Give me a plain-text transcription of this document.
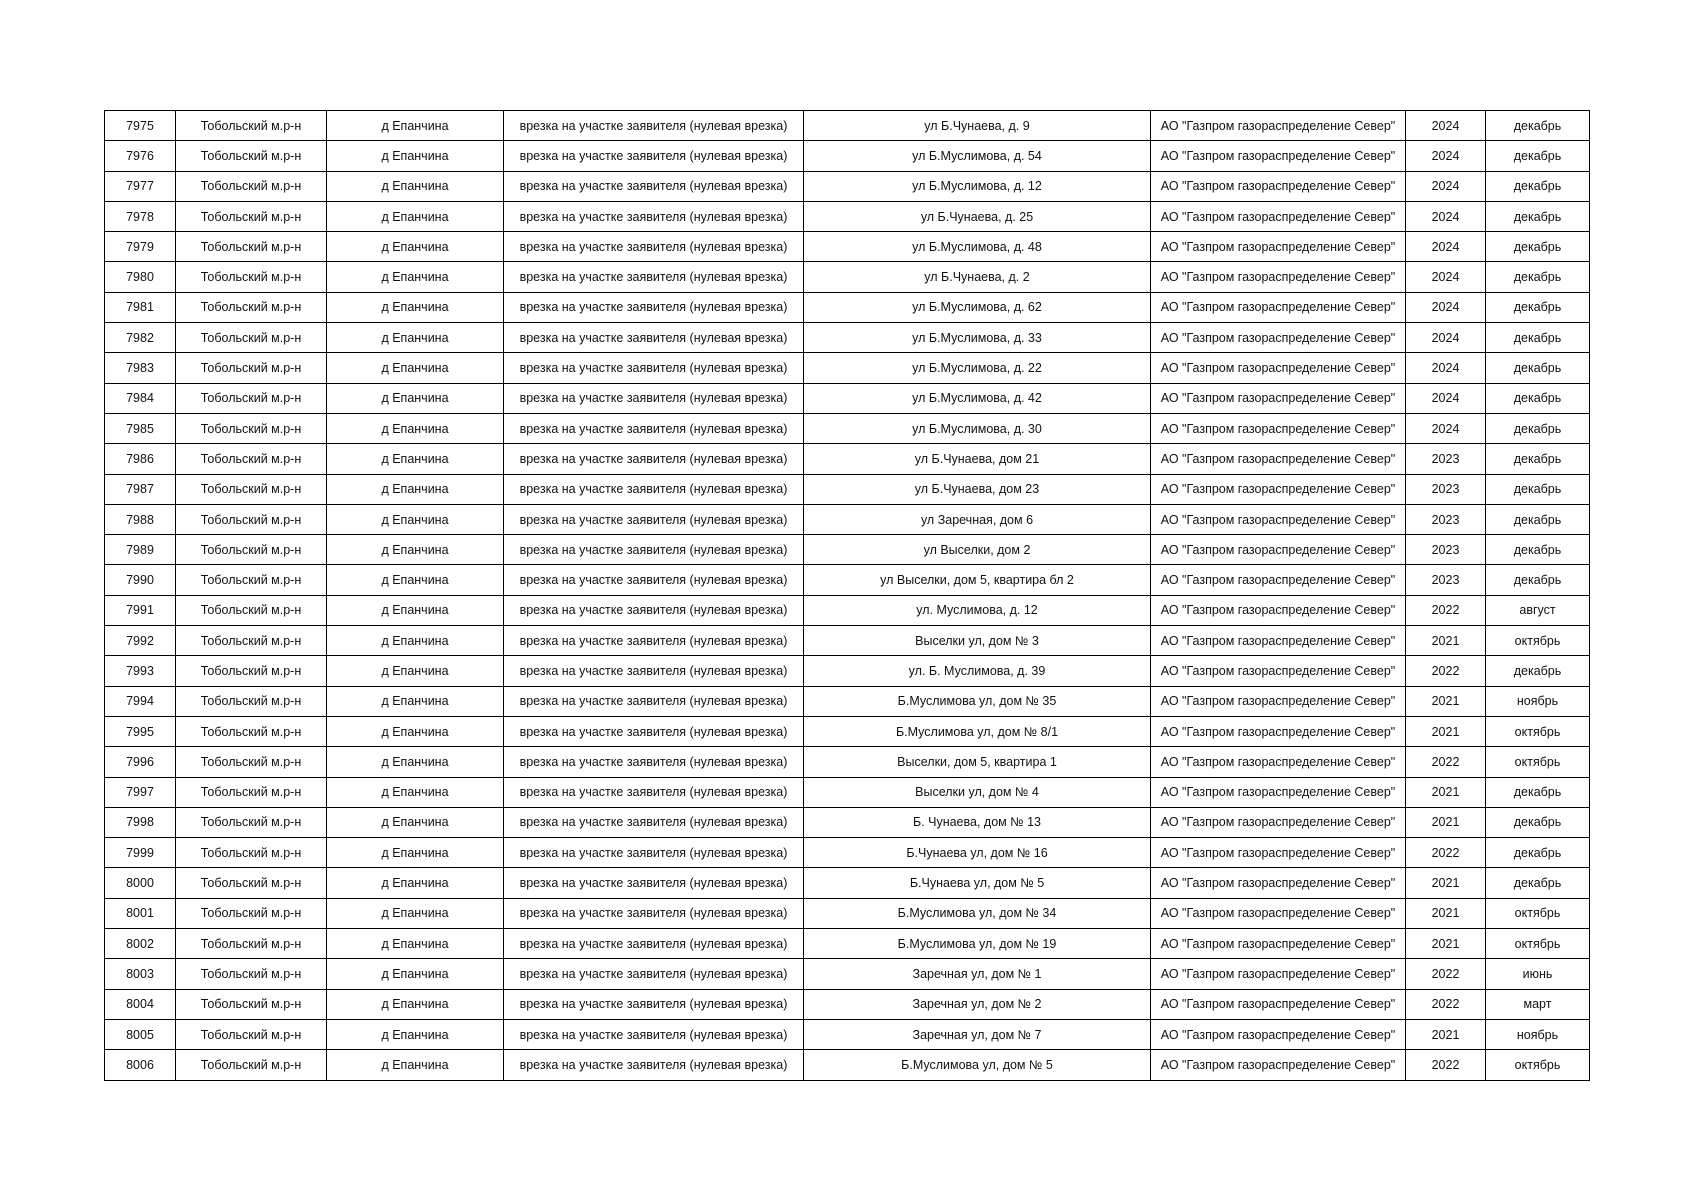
7975	Тобольский м.р-н	д Епанчина	врезка на участке заявителя (нулевая врезка)	ул Б.Чунаева, д. 9	АО "Газпром газораспределение Север"	2024	декабрь
7976	Тобольский м.р-н	д Епанчина	врезка на участке заявителя (нулевая врезка)	ул Б.Муслимова, д. 54	АО "Газпром газораспределение Север"	2024	декабрь
7977	Тобольский м.р-н	д Епанчина	врезка на участке заявителя (нулевая врезка)	ул Б.Муслимова, д. 12	АО "Газпром газораспределение Север"	2024	декабрь
7978	Тобольский м.р-н	д Епанчина	врезка на участке заявителя (нулевая врезка)	ул Б.Чунаева, д. 25	АО "Газпром газораспределение Север"	2024	декабрь
7979	Тобольский м.р-н	д Епанчина	врезка на участке заявителя (нулевая врезка)	ул Б.Муслимова, д. 48	АО "Газпром газораспределение Север"	2024	декабрь
7980	Тобольский м.р-н	д Епанчина	врезка на участке заявителя (нулевая врезка)	ул Б.Чунаева, д. 2	АО "Газпром газораспределение Север"	2024	декабрь
7981	Тобольский м.р-н	д Епанчина	врезка на участке заявителя (нулевая врезка)	ул Б.Муслимова, д. 62	АО "Газпром газораспределение Север"	2024	декабрь
7982	Тобольский м.р-н	д Епанчина	врезка на участке заявителя (нулевая врезка)	ул Б.Муслимова, д. 33	АО "Газпром газораспределение Север"	2024	декабрь
7983	Тобольский м.р-н	д Епанчина	врезка на участке заявителя (нулевая врезка)	ул Б.Муслимова, д. 22	АО "Газпром газораспределение Север"	2024	декабрь
7984	Тобольский м.р-н	д Епанчина	врезка на участке заявителя (нулевая врезка)	ул Б.Муслимова, д. 42	АО "Газпром газораспределение Север"	2024	декабрь
7985	Тобольский м.р-н	д Епанчина	врезка на участке заявителя (нулевая врезка)	ул Б.Муслимова, д. 30	АО "Газпром газораспределение Север"	2024	декабрь
7986	Тобольский м.р-н	д Епанчина	врезка на участке заявителя (нулевая врезка)	ул Б.Чунаева, дом 21	АО "Газпром газораспределение Север"	2023	декабрь
7987	Тобольский м.р-н	д Епанчина	врезка на участке заявителя (нулевая врезка)	ул Б.Чунаева, дом 23	АО "Газпром газораспределение Север"	2023	декабрь
7988	Тобольский м.р-н	д Епанчина	врезка на участке заявителя (нулевая врезка)	ул Заречная, дом 6	АО "Газпром газораспределение Север"	2023	декабрь
7989	Тобольский м.р-н	д Епанчина	врезка на участке заявителя (нулевая врезка)	ул Выселки, дом 2	АО "Газпром газораспределение Север"	2023	декабрь
7990	Тобольский м.р-н	д Епанчина	врезка на участке заявителя (нулевая врезка)	ул Выселки, дом 5, квартира бл 2	АО "Газпром газораспределение Север"	2023	декабрь
7991	Тобольский м.р-н	д Епанчина	врезка на участке заявителя (нулевая врезка)	ул. Муслимова, д. 12	АО "Газпром газораспределение Север"	2022	август
7992	Тобольский м.р-н	д Епанчина	врезка на участке заявителя (нулевая врезка)	Выселки ул, дом № 3	АО "Газпром газораспределение Север"	2021	октябрь
7993	Тобольский м.р-н	д Епанчина	врезка на участке заявителя (нулевая врезка)	ул. Б. Муслимова, д. 39	АО "Газпром газораспределение Север"	2022	декабрь
7994	Тобольский м.р-н	д Епанчина	врезка на участке заявителя (нулевая врезка)	Б.Муслимова ул, дом № 35	АО "Газпром газораспределение Север"	2021	ноябрь
7995	Тобольский м.р-н	д Епанчина	врезка на участке заявителя (нулевая врезка)	Б.Муслимова ул, дом № 8/1	АО "Газпром газораспределение Север"	2021	октябрь
7996	Тобольский м.р-н	д Епанчина	врезка на участке заявителя (нулевая врезка)	Выселки, дом 5, квартира 1	АО "Газпром газораспределение Север"	2022	октябрь
7997	Тобольский м.р-н	д Епанчина	врезка на участке заявителя (нулевая врезка)	Выселки ул, дом № 4	АО "Газпром газораспределение Север"	2021	декабрь
7998	Тобольский м.р-н	д Епанчина	врезка на участке заявителя (нулевая врезка)	Б. Чунаева, дом № 13	АО "Газпром газораспределение Север"	2021	декабрь
7999	Тобольский м.р-н	д Епанчина	врезка на участке заявителя (нулевая врезка)	Б.Чунаева ул, дом № 16	АО "Газпром газораспределение Север"	2022	декабрь
8000	Тобольский м.р-н	д Епанчина	врезка на участке заявителя (нулевая врезка)	Б.Чунаева ул, дом № 5	АО "Газпром газораспределение Север"	2021	декабрь
8001	Тобольский м.р-н	д Епанчина	врезка на участке заявителя (нулевая врезка)	Б.Муслимова ул, дом № 34	АО "Газпром газораспределение Север"	2021	октябрь
8002	Тобольский м.р-н	д Епанчина	врезка на участке заявителя (нулевая врезка)	Б.Муслимова ул, дом № 19	АО "Газпром газораспределение Север"	2021	октябрь
8003	Тобольский м.р-н	д Епанчина	врезка на участке заявителя (нулевая врезка)	Заречная ул, дом № 1	АО "Газпром газораспределение Север"	2022	июнь
8004	Тобольский м.р-н	д Епанчина	врезка на участке заявителя (нулевая врезка)	Заречная ул, дом № 2	АО "Газпром газораспределение Север"	2022	март
8005	Тобольский м.р-н	д Епанчина	врезка на участке заявителя (нулевая врезка)	Заречная ул, дом № 7	АО "Газпром газораспределение Север"	2021	ноябрь
8006	Тобольский м.р-н	д Епанчина	врезка на участке заявителя (нулевая врезка)	Б.Муслимова ул, дом № 5	АО "Газпром газораспределение Север"	2022	октябрь
